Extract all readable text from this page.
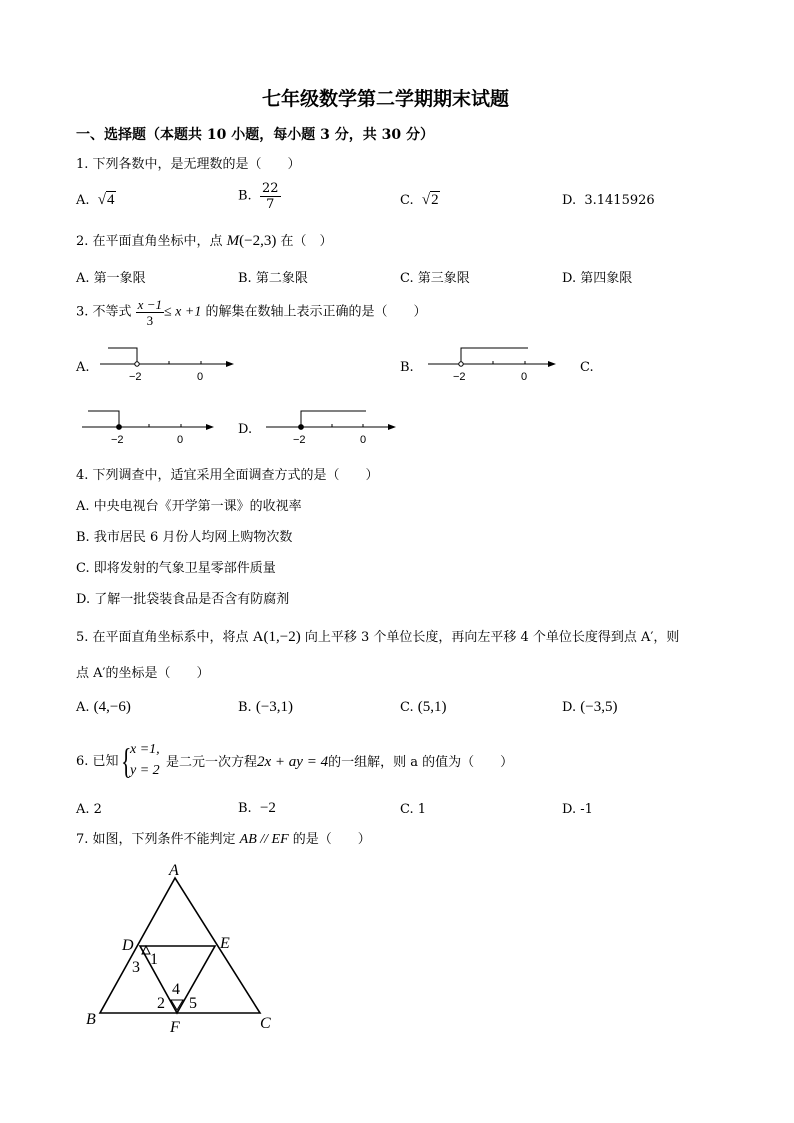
七年级数学第二学期期末试题
一、选择题（本题共 10 小题，每小题 3 分，共 30 分）
1. 下列各数中，是无理数的是（　　）
A. √4	B. $\frac{22}{7}$	C. √2	D. 3.1415926
2. 在平面直角坐标中，点 M(−2,3) 在（　）
A. 第一象限	B. 第二象限	C. 第三象限	D. 第四象限
3. 不等式 $\frac{x -1}{3} \le x +1$ 的解集在数轴上表示正确的是（　　）
A.
−2	0
B.
−2	0
C.
−2	0
D.
−2	0
4. 下列调查中，适宜采用全面调查方式的是（　　）
A. 中央电视台《开学第一课》的收视率
B. 我市居民 6 月份人均网上购物次数
C. 即将发射的气象卫星零部件质量
D. 了解一批袋装食品是否含有防腐剂
5. 在平面直角坐标系中，将点 A(1,−2) 向上平移 3 个单位长度，再向左平移 4 个单位长度得到点 A′，则
点 A′的坐标是（　　）
A. (4,−6)	B. (−3,1)	C. (5,1)	D. (−3,5)
6. 已知 {
x =1,
y = 2
是二元一次方程2x + ay = 4的一组解，则 a 的值为（　　）
A. 2	B. −2	C. 1	D. -1
7. 如图，下列条件不能判定 AB // EF 的是（　　）
A
B	C
D	E
F
1
3
4
2 5
